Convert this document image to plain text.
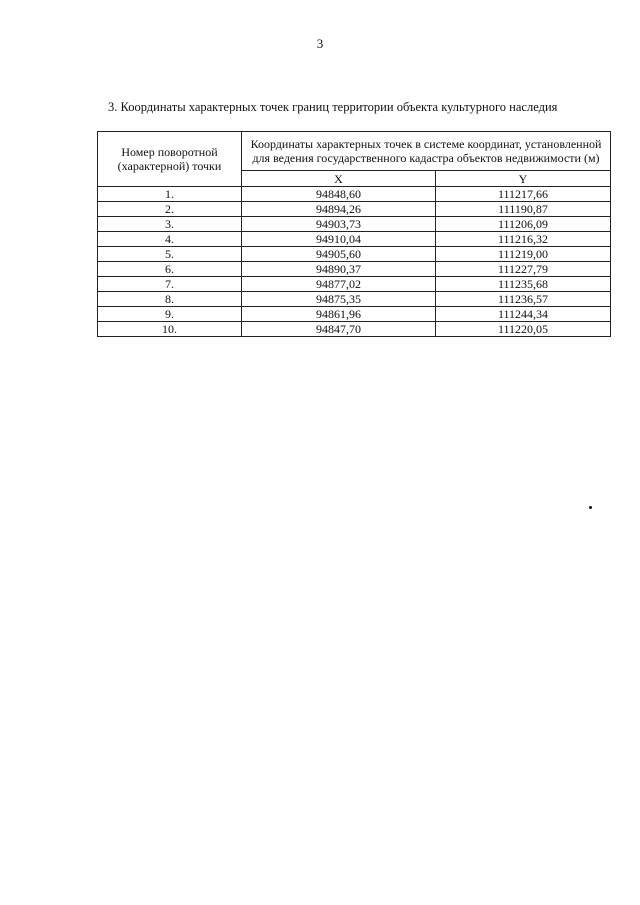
3
3. Координаты характерных точек границ территории объекта культурного наследия
Номер поворотной (характерной) точки	Координаты характерных точек в системе координат, установленной для ведения государственного кадастра объектов недвижимости (м)	
	X	Y
1.	94848,60	111217,66
2.	94894,26	111190,87
3.	94903,73	111206,09
4.	94910,04	111216,32
5.	94905,60	111219,00
6.	94890,37	111227,79
7.	94877,02	111235,68
8.	94875,35	111236,57
9.	94861,96	111244,34
10.	94847,70	111220,05
